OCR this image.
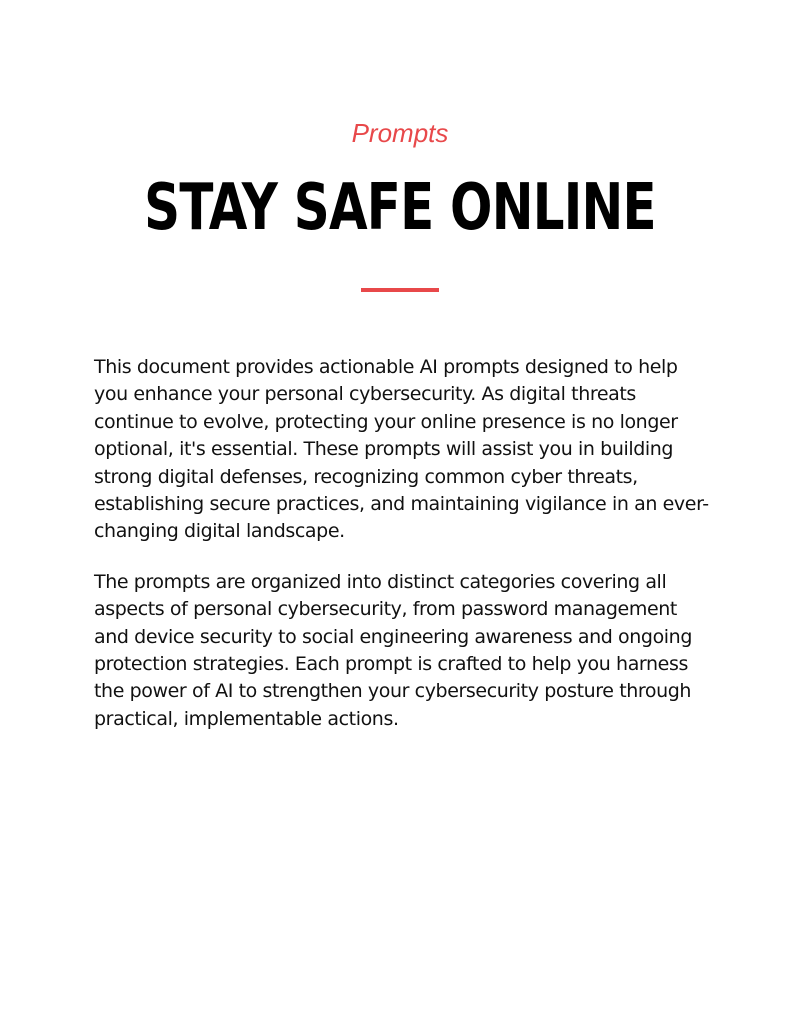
Prompts
STAY SAFE ONLINE

This document provides actionable AI prompts designed to help you enhance your personal cybersecurity. As digital threats continue to evolve, protecting your online presence is no longer optional, it's essential. These prompts will assist you in building strong digital defenses, recognizing common cyber threats, establishing secure practices, and maintaining vigilance in an ever-changing digital landscape.

The prompts are organized into distinct categories covering all aspects of personal cybersecurity, from password management and device security to social engineering awareness and ongoing protection strategies. Each prompt is crafted to help you harness the power of AI to strengthen your cybersecurity posture through practical, implementable actions.
